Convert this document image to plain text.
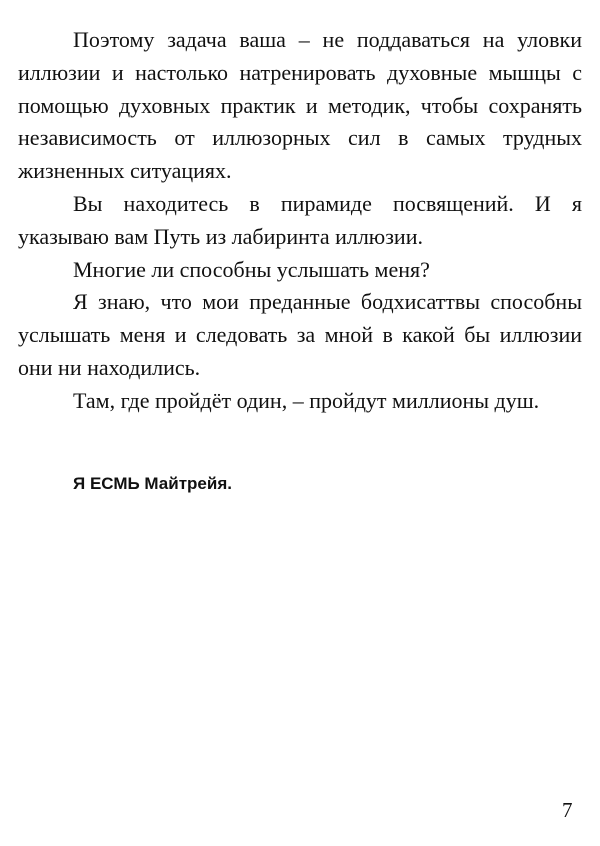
Поэтому задача ваша – не поддаваться на уловки иллюзии и настолько натренировать духовные мышцы с помощью духовных практик и методик, чтобы сохранять независимость от иллюзорных сил в самых трудных жизненных ситуациях.

Вы находитесь в пирамиде посвящений. И я указываю вам Путь из лабиринта иллюзии.

Многие ли способны услышать меня?

Я знаю, что мои преданные бодхисаттвы способны услышать меня и следовать за мной в какой бы иллюзии они ни находились.

Там, где пройдёт один, – пройдут миллионы душ.

Я ЕСМЬ Майтрейя.

7
